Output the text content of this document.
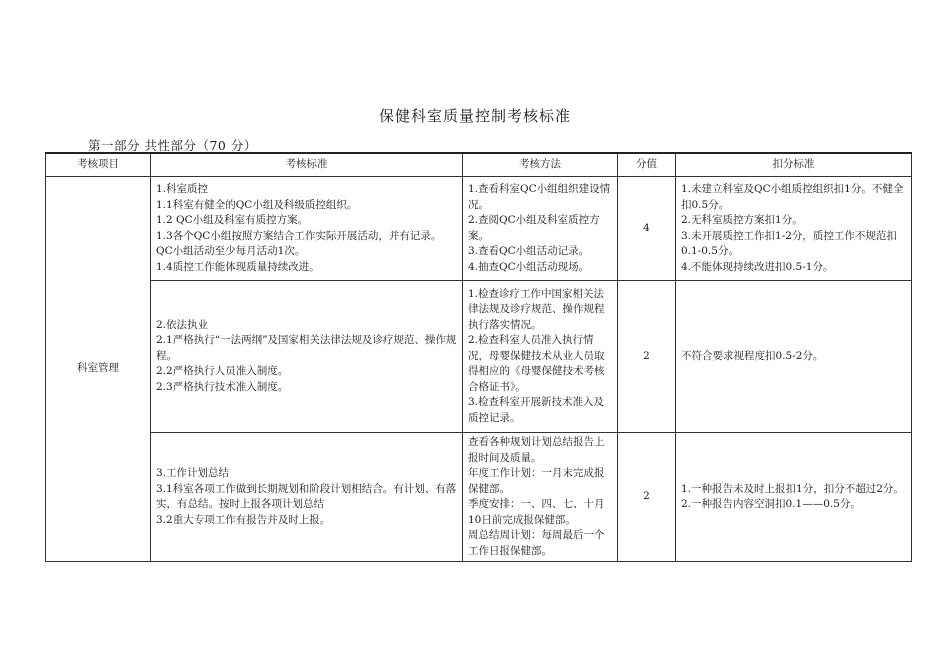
保健科室质量控制考核标准
第一部分 共性部分（70 分）
考核项目	考核标准	考核方法	分值	扣分标准
科室管理	1.科室质控
1.1科室有健全的QC小组及科级质控组织。
1.2 QC小组及科室有质控方案。
1.3各个QC小组按照方案结合工作实际开展活动，并有记录。QC小组活动至少每月活动1次。
1.4质控工作能体现质量持续改进。	1.查看科室QC小组组织建设情况。
2.查阅QC小组及科室质控方案。
3.查看QC小组活动记录。
4.抽查QC小组活动现场。	4	1.未建立科室及QC小组质控组织扣1分。不健全扣0.5分。
2.无科室质控方案扣1分。
3.未开展质控工作扣1-2分，质控工作不规范扣0.1-0.5分。
4.不能体现持续改进扣0.5-1分。

	2.依法执业
2.1严格执行“一法两纲”及国家相关法律法规及诊疗规范、操作规程。
2.2严格执行人员准入制度。
2.3严格执行技术准入制度。	1.检查诊疗工作中国家相关法律法规及诊疗规范、操作规程执行落实情况。
2.检查科室人员准入执行情况，母婴保健技术从业人员取得相应的《母婴保健技术考核合格证书》。
3.检查科室开展新技术准入及质控记录。	2	不符合要求视程度扣0.5-2分。

	3.工作计划总结
3.1科室各项工作做到长期规划和阶段计划相结合。有计划、有落实，有总结。按时上报各项计划总结
3.2重大专项工作有报告并及时上报。	查看各种规划计划总结报告上报时间及质量。
年度工作计划：一月末完成报保健部。
季度安排：一、四、七、十月10日前完成报保健部。
周总结周计划：每周最后一个工作日报保健部。	2	1.一种报告未及时上报扣1分，扣分不超过2分。
2.一种报告内容空洞扣0.1——0.5分。
